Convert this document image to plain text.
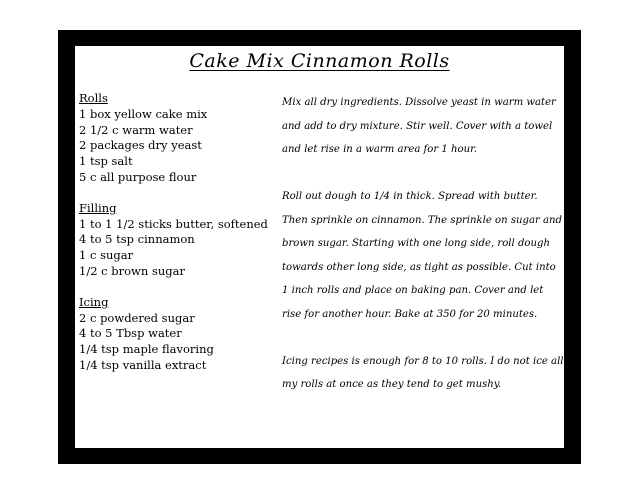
Cake Mix Cinnamon Rolls
Rolls
1 box yellow cake mix
2 1/2 c warm water
2 packages dry yeast
1 tsp salt
5 c all purpose flour
Filling
1 to 1 1/2 sticks butter, softened
4 to 5 tsp cinnamon
1 c sugar
1/2 c brown sugar
Icing
2 c powdered sugar
4 to 5 Tbsp water
1/4 tsp maple flavoring
1/4 tsp vanilla extract

Mix all dry ingredients. Dissolve yeast in warm water and add to dry mixture. Stir well. Cover with a towel and let rise in a warm area for 1 hour.

Roll out dough to 1/4 in thick. Spread with butter. Then sprinkle on cinnamon. The sprinkle on sugar and brown sugar. Starting with one long side, roll dough towards other long side, as tight as possible. Cut into 1 inch rolls and place on baking pan. Cover and let rise for another hour. Bake at 350 for 20 minutes.

Icing recipes is enough for 8 to 10 rolls. I do not ice all my rolls at once as they tend to get mushy.
